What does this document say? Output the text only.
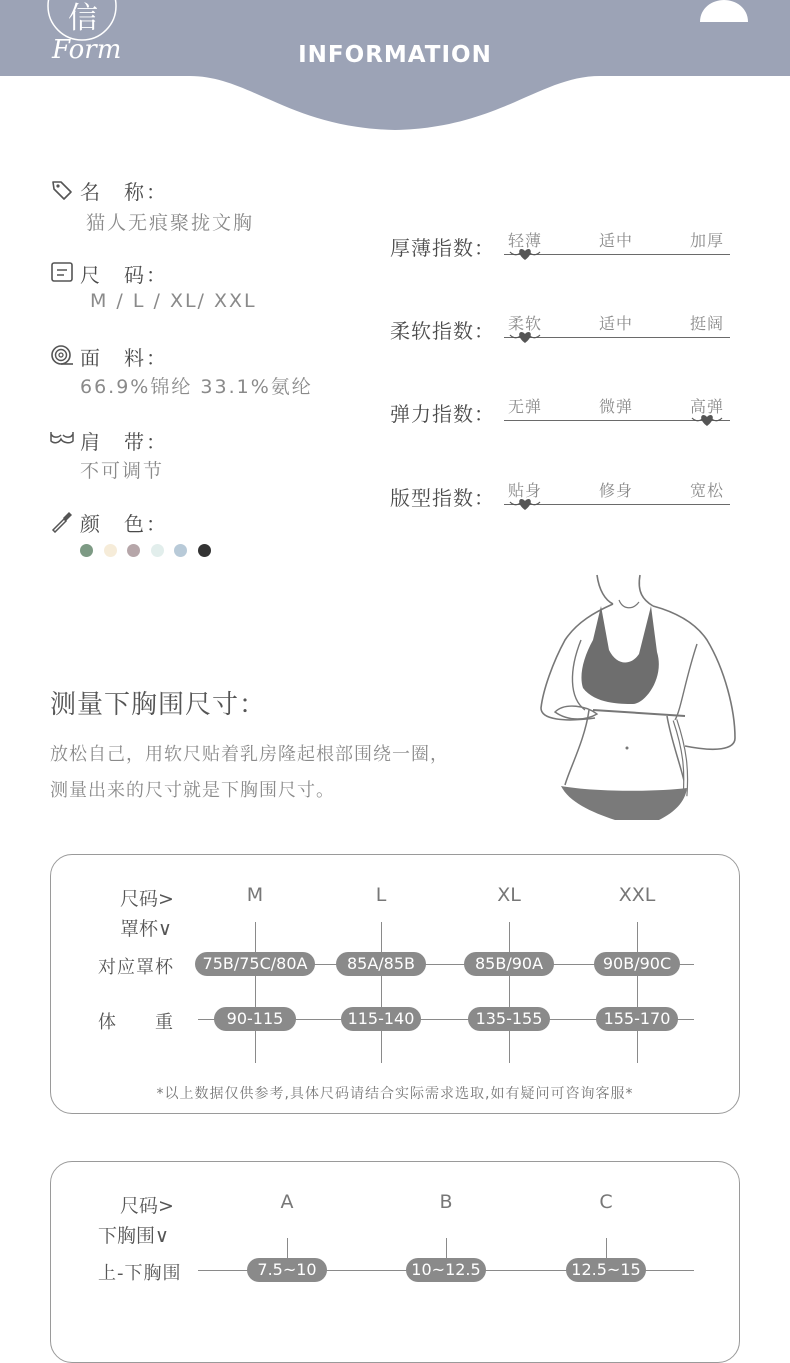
信
Form	INFORMATION
名　称：
猫人无痕聚拢文胸
尺　码：
M / L / XL/ XXL
面　料：
66.9%锦纶 33.1%氨纶
肩　带：
不可调节
颜　色：
厚薄指数： 轻薄	适中	加厚
柔软指数： 柔软	适中	挺阔
弹力指数： 无弹	微弹	高弹
版型指数： 贴身	修身	宽松
测量下胸围尺寸：
放松自己，用软尺贴着乳房隆起根部围绕一圈，
测量出来的尺寸就是下胸围尺寸。
尺码>
罩杯∨
M	L	XL	XXL
对应罩杯	75B/75C/80A	85A/85B	85B/90A	90B/90C
体　　重	90-115	115-140	135-155	155-170
*以上数据仅供参考,具体尺码请结合实际需求选取,如有疑问可咨询客服*
尺码>
下胸围∨
A	B	C
上-下胸围	7.5~10	10~12.5	12.5~15
